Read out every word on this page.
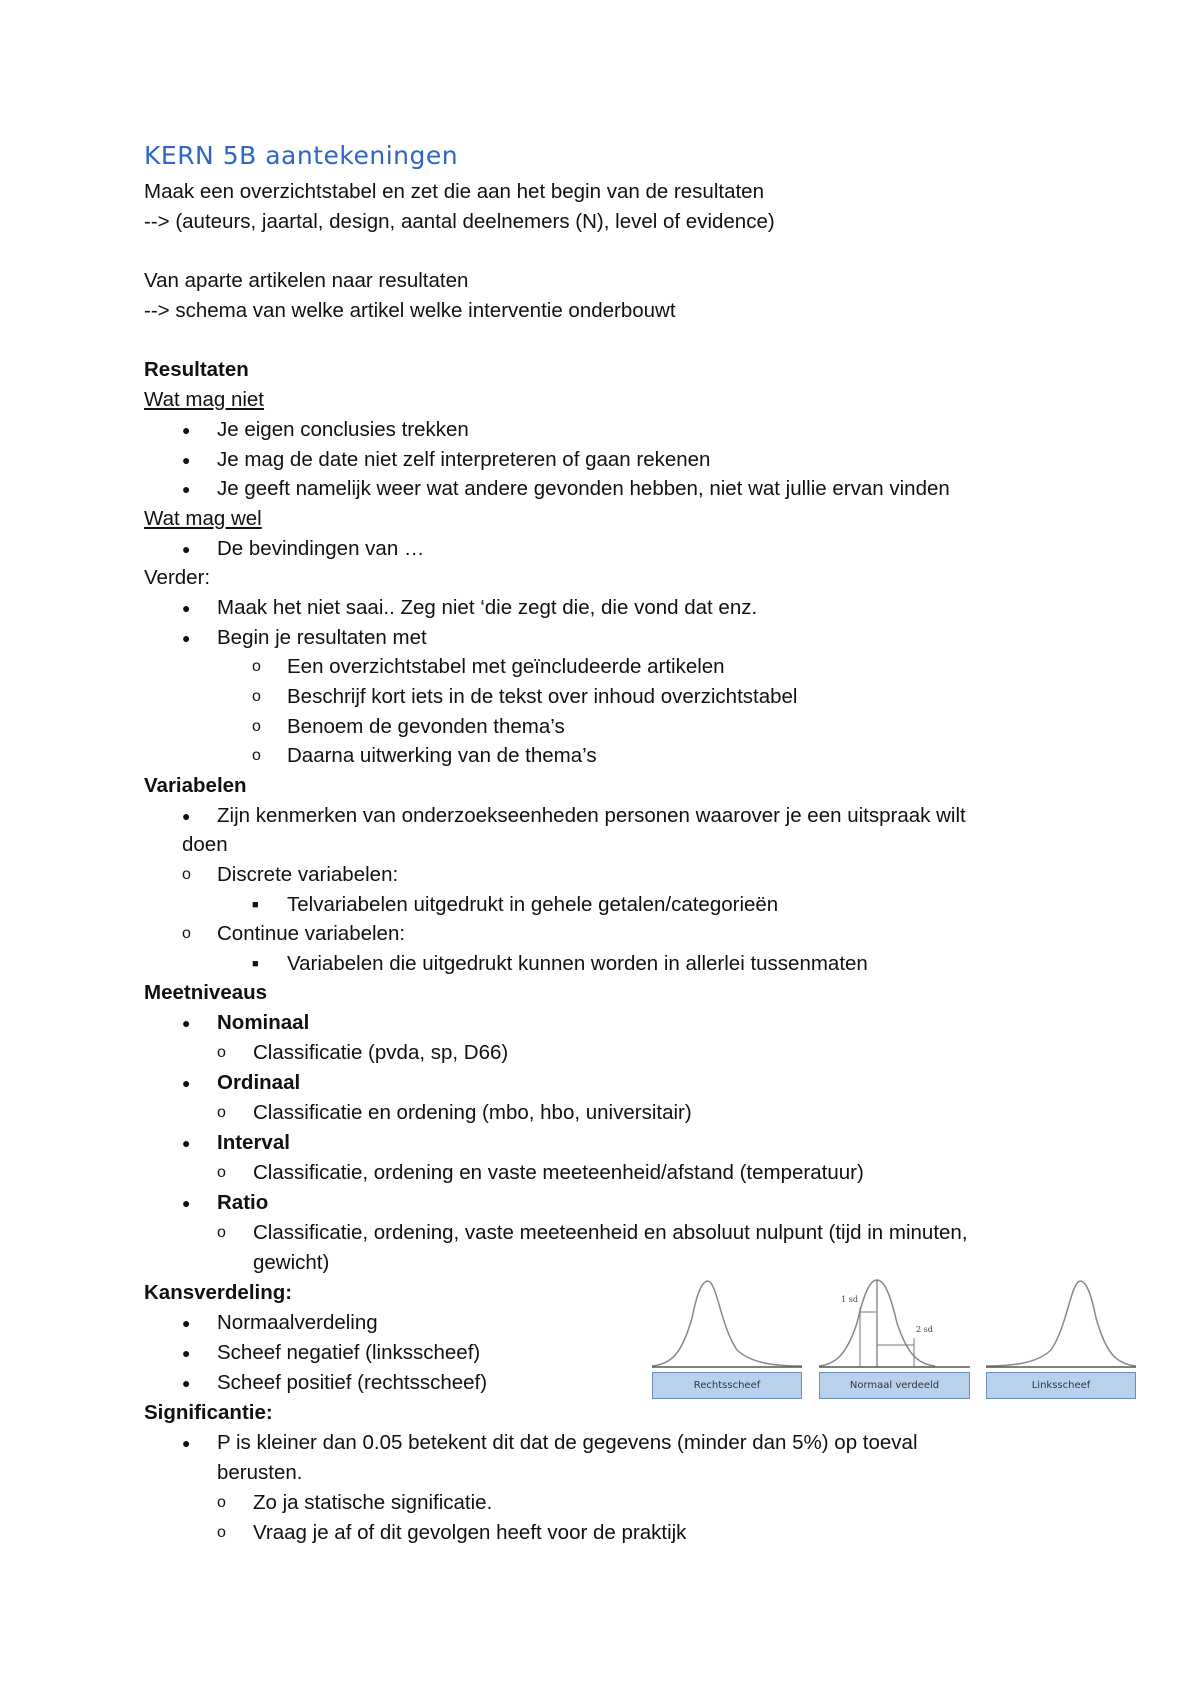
KERN 5B aantekeningen
Maak een overzichtstabel en zet die aan het begin van de resultaten
--> (auteurs, jaartal, design, aantal deelnemers (N), level of evidence)
Van aparte artikelen naar resultaten
--> schema van welke artikel welke interventie onderbouwt
Resultaten
Wat mag niet
● Je eigen conclusies trekken
● Je mag de date niet zelf interpreteren of gaan rekenen
● Je geeft namelijk weer wat andere gevonden hebben, niet wat jullie ervan vinden
Wat mag wel
● De bevindingen van …
Verder:
● Maak het niet saai.. Zeg niet ‘die zegt die, die vond dat enz.
● Begin je resultaten met
o Een overzichtstabel met geïncludeerde artikelen
o Beschrijf kort iets in de tekst over inhoud overzichtstabel
o Benoem de gevonden thema’s
o Daarna uitwerking van de thema’s
Variabelen
● Zijn kenmerken van onderzoekseenheden personen waarover je een uitspraak wilt
doen
o Discrete variabelen:
■ Telvariabelen uitgedrukt in gehele getalen/categorieën
o Continue variabelen:
■ Variabelen die uitgedrukt kunnen worden in allerlei tussenmaten
Meetniveaus
● Nominaal
o Classificatie (pvda, sp, D66)
● Ordinaal
o Classificatie en ordening (mbo, hbo, universitair)
● Interval
o Classificatie, ordening en vaste meeteenheid/afstand (temperatuur)
● Ratio
o Classificatie, ordening, vaste meeteenheid en absoluut nulpunt (tijd in minuten,
gewicht)
Kansverdeling:
● Normaalverdeling
● Scheef negatief (linksscheef)
● Scheef positief (rechtsscheef)
1 sd
2 sd
Rechtsscheef	Normaal verdeeld	Linksscheef
Significantie:
● P is kleiner dan 0.05 betekent dit dat de gegevens (minder dan 5%) op toeval
berusten.
o Zo ja statische significatie.
o Vraag je af of dit gevolgen heeft voor de praktijk
